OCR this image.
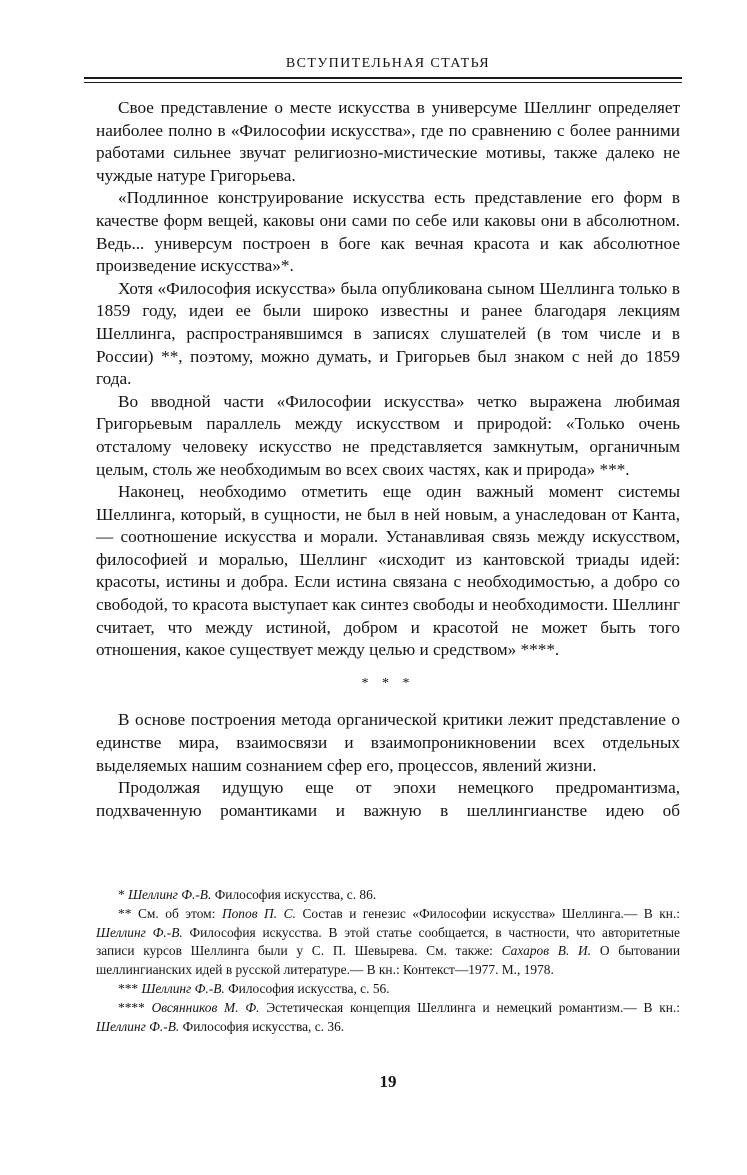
ВСТУПИТЕЛЬНАЯ СТАТЬЯ

Свое представление о месте искусства в универсуме Шеллинг определяет наиболее полно в «Философии искусства», где по сравнению с более ранними работами сильнее звучат религиозно-мистические мотивы, также далеко не чуждые натуре Григорьева.

«Подлинное конструирование искусства есть представление его форм в качестве форм вещей, каковы они сами по себе или каковы они в абсолютном. Ведь... универсум построен в боге как вечная красота и как абсолютное произведение искусства»*.

Хотя «Философия искусства» была опубликована сыном Шеллинга только в 1859 году, идеи ее были широко известны и ранее благодаря лекциям Шеллинга, распространявшимся в записях слушателей (в том числе и в России) **, поэтому, можно думать, и Григорьев был знаком с ней до 1859 года.

Во вводной части «Философии искусства» четко выражена любимая Григорьевым параллель между искусством и природой: «Только очень отсталому человеку искусство не представляется замкнутым, органичным целым, столь же необходимым во всех своих частях, как и природа» ***.

Наконец, необходимо отметить еще один важный момент системы Шеллинга, который, в сущности, не был в ней новым, а унаследован от Канта,— соотношение искусства и морали. Устанавливая связь между искусством, философией и моралью, Шеллинг «исходит из кантовской триады идей: красоты, истины и добра. Если истина связана с необходимостью, а добро со свободой, то красота выступает как синтез свободы и необходимости. Шеллинг считает, что между истиной, добром и красотой не может быть того отношения, какое существует между целью и средством» ****.

* * *

В основе построения метода органической критики лежит представление о единстве мира, взаимосвязи и взаимопроникновении всех отдельных выделяемых нашим сознанием сфер его, процессов, явлений жизни.

Продолжая идущую еще от эпохи немецкого предромантизма, подхваченную романтиками и важную в шеллингианстве идею об

* Шеллинг Ф.-В. Философия искусства, с. 86.

** См. об этом: Попов П. С. Состав и генезис «Философии искусства» Шеллинга.— В кн.: Шеллинг Ф.-В. Философия искусства. В этой статье сообщается, в частности, что авторитетные записи курсов Шеллинга были у С. П. Шевырева. См. также: Сахаров В. И. О бытовании шеллингианских идей в русской литературе.— В кн.: Контекст—1977. М., 1978.

*** Шеллинг Ф.-В. Философия искусства, с. 56.

**** Овсянников М. Ф. Эстетическая концепция Шеллинга и немецкий романтизм.— В кн.: Шеллинг Ф.-В. Философия искусства, с. 36.

19
